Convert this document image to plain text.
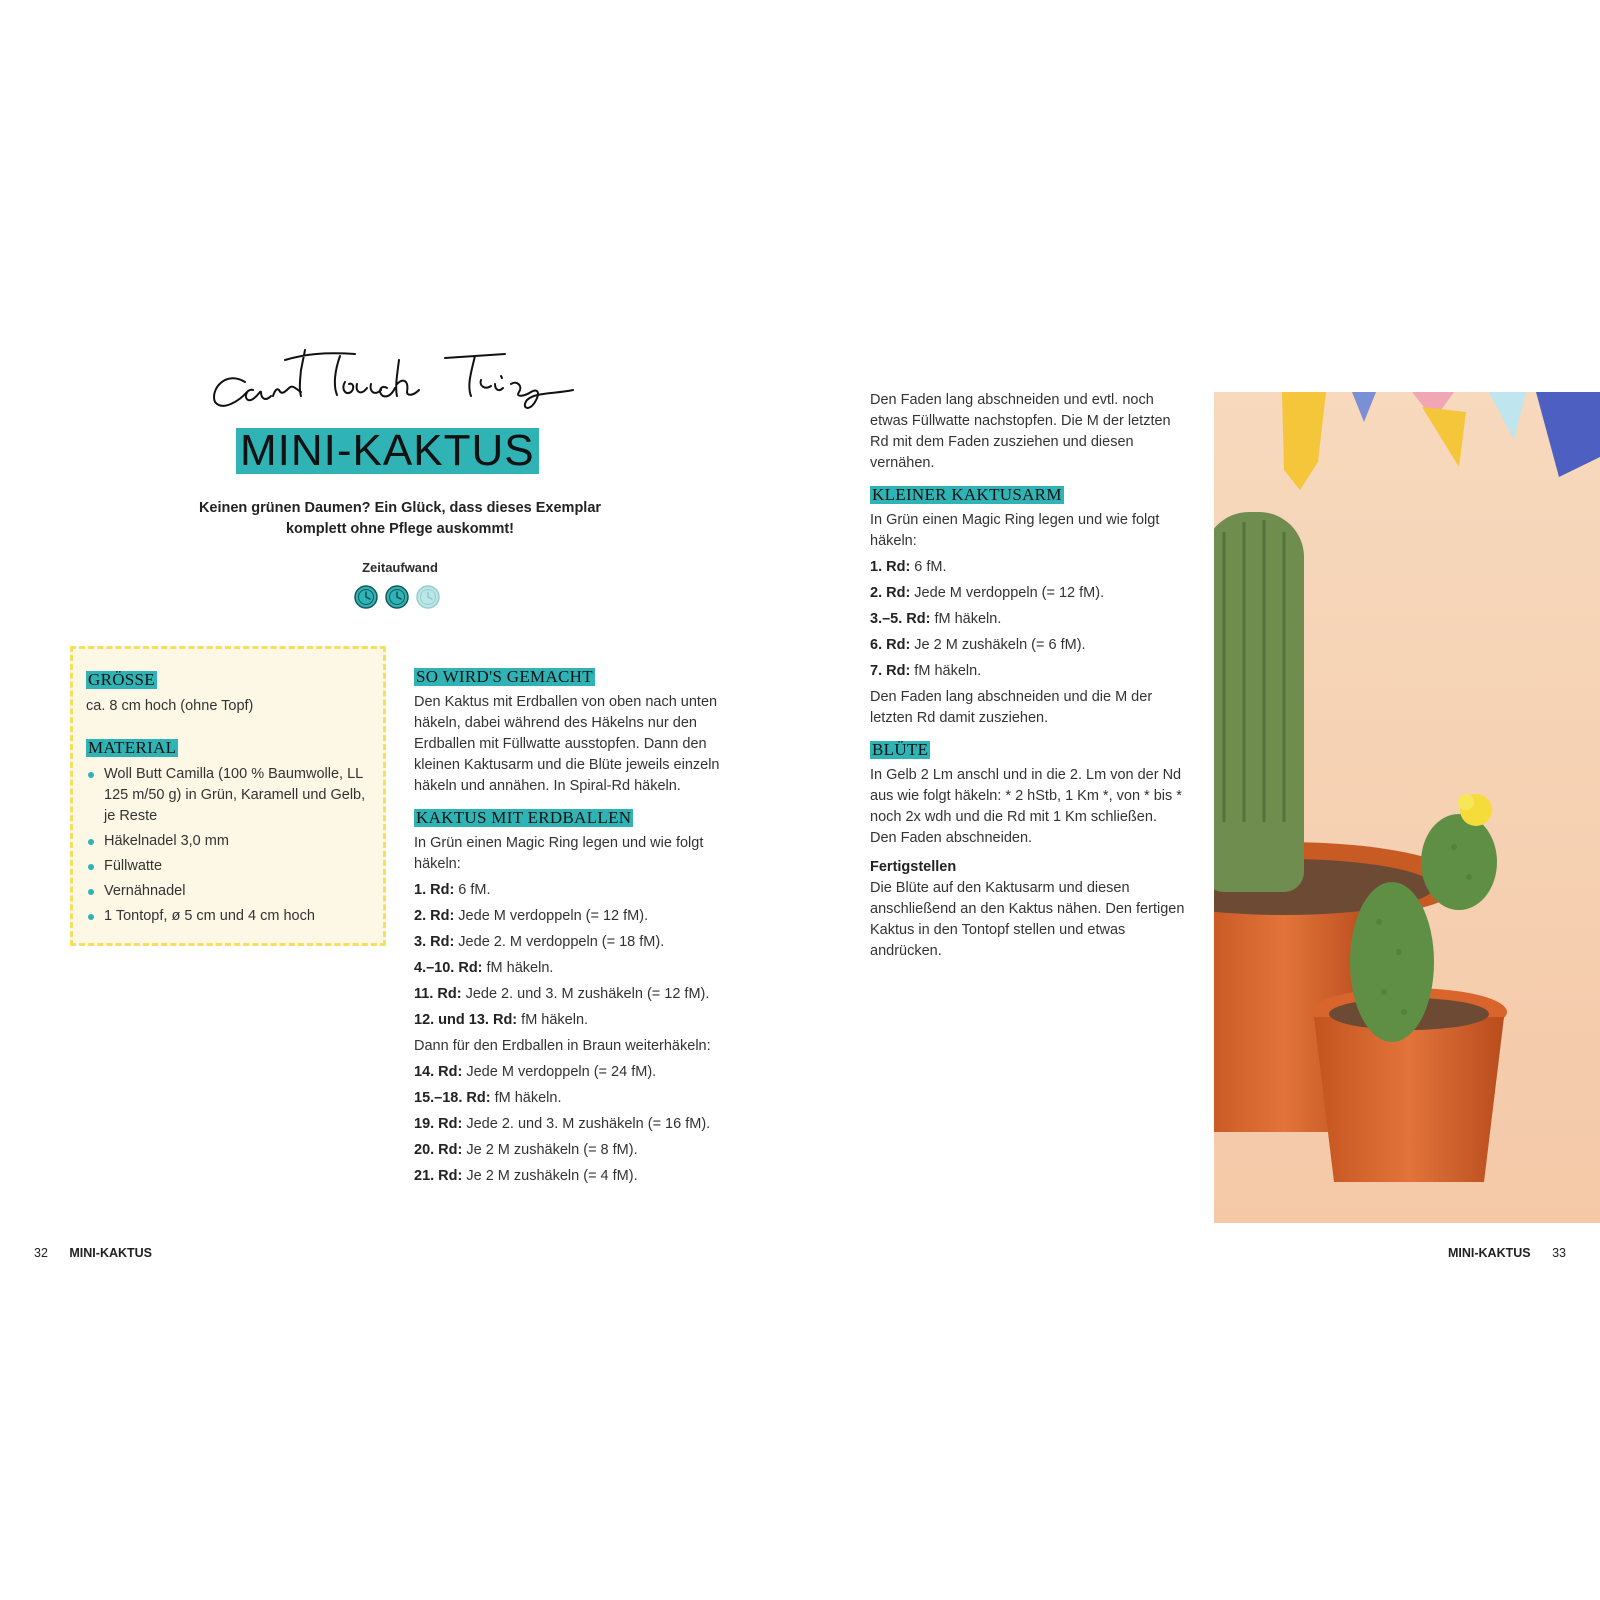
MINI-KAKTUS
Keinen grünen Daumen? Ein Glück, dass dieses Exemplar
komplett ohne Pflege auskommt!
Zeitaufwand
GRÖSSE
ca. 8 cm hoch (ohne Topf)
MATERIAL
Woll Butt Camilla (100 % Baumwolle, LL 125 m/50 g) in Grün, Karamell und Gelb, je Reste
Häkelnadel 3,0 mm
Füllwatte
Vernähnadel
1 Tontopf, ø 5 cm und 4 cm hoch
SO WIRD'S GEMACHT
Den Kaktus mit Erdballen von oben nach unten häkeln, dabei während des Häkelns nur den Erdballen mit Füllwatte ausstopfen. Dann den kleinen Kaktusarm und die Blüte jeweils einzeln häkeln und annähen. In Spiral-Rd häkeln.
KAKTUS MIT ERDBALLEN
In Grün einen Magic Ring legen und wie folgt häkeln:
1. Rd: 6 fM.
2. Rd: Jede M verdoppeln (= 12 fM).
3. Rd: Jede 2. M verdoppeln (= 18 fM).
4.–10. Rd: fM häkeln.
11. Rd: Jede 2. und 3. M zushäkeln (= 12 fM).
12. und 13. Rd: fM häkeln.
Dann für den Erdballen in Braun weiterhäkeln:
14. Rd: Jede M verdoppeln (= 24 fM).
15.–18. Rd: fM häkeln.
19. Rd: Jede 2. und 3. M zushäkeln (= 16 fM).
20. Rd: Je 2 M zushäkeln (= 8 fM).
21. Rd: Je 2 M zushäkeln (= 4 fM).
Den Faden lang abschneiden und evtl. noch etwas Füllwatte nachstopfen. Die M der letzten Rd mit dem Faden zusziehen und diesen vernähen.
KLEINER KAKTUSARM
In Grün einen Magic Ring legen und wie folgt häkeln:
1. Rd: 6 fM.
2. Rd: Jede M verdoppeln (= 12 fM).
3.–5. Rd: fM häkeln.
6. Rd: Je 2 M zushäkeln (= 6 fM).
7. Rd: fM häkeln.
Den Faden lang abschneiden und die M der letzten Rd damit zusziehen.
BLÜTE
In Gelb 2 Lm anschl und in die 2. Lm von der Nd aus wie folgt häkeln: * 2 hStb, 1 Km *, von * bis * noch 2x wdh und die Rd mit 1 Km schließen. Den Faden abschneiden.
Fertigstellen
Die Blüte auf den Kaktusarm und diesen anschließend an den Kaktus nähen. Den fertigen Kaktus in den Tontopf stellen und etwas andrücken.
32 MINI-KAKTUS	MINI-KAKTUS 33
